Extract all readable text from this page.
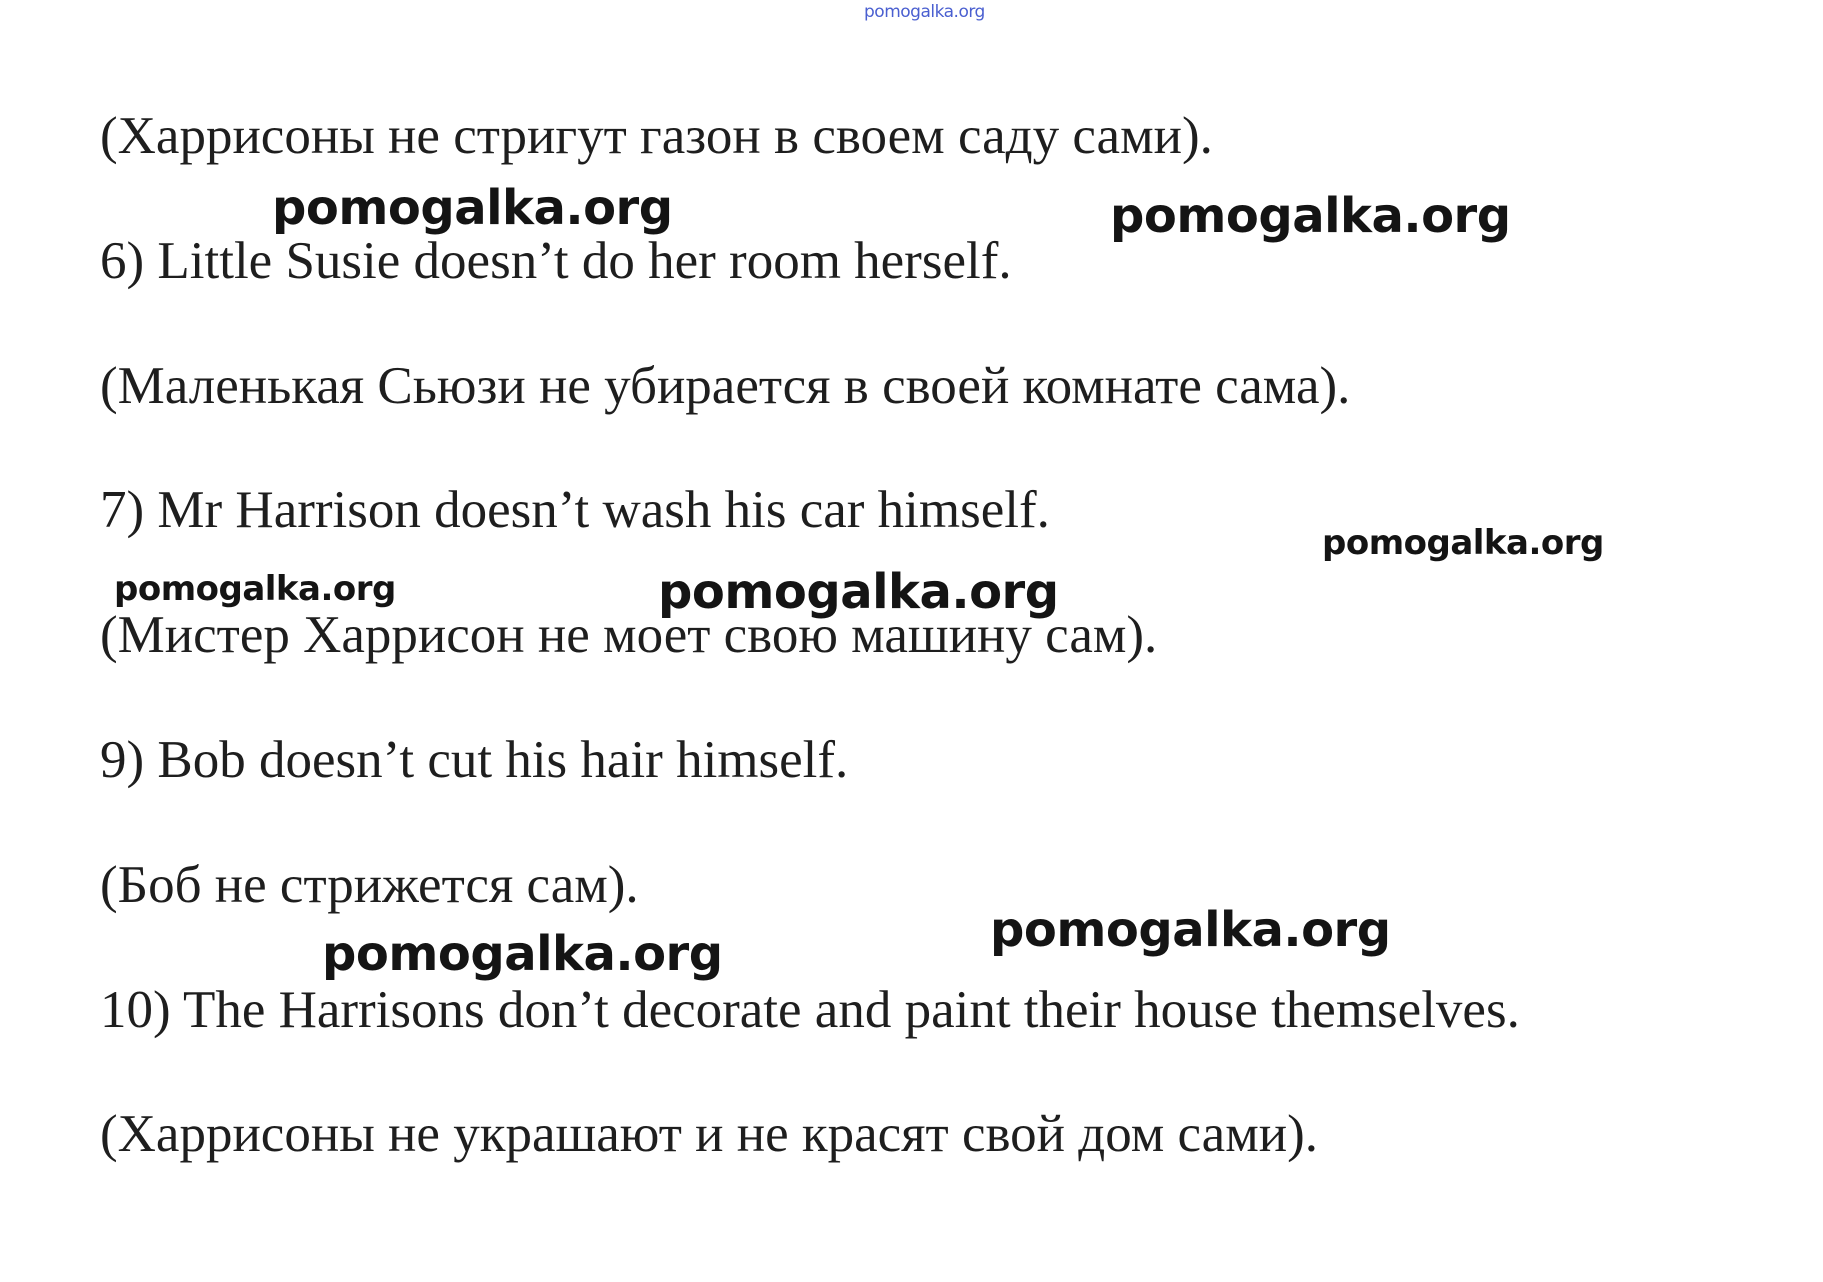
pomogalka.org
(Харрисоны не стригут газон в своем саду сами).
6) Little Susie doesn’t do her room herself.
(Маленькая Сьюзи не убирается в своей комнате сама).
7) Mr Harrison doesn’t wash his car himself.
(Мистер Харрисон не моет свою машину сам).
9) Bob doesn’t cut his hair himself.
(Боб не стрижется сам).
10) The Harrisons don’t decorate and paint their house themselves.
(Харрисоны не украшают и не красят свой дом сами).
pomogalka.org	pomogalka.org
pomogalka.org
pomogalka.org	pomogalka.org
pomogalka.org
pomogalka.org
